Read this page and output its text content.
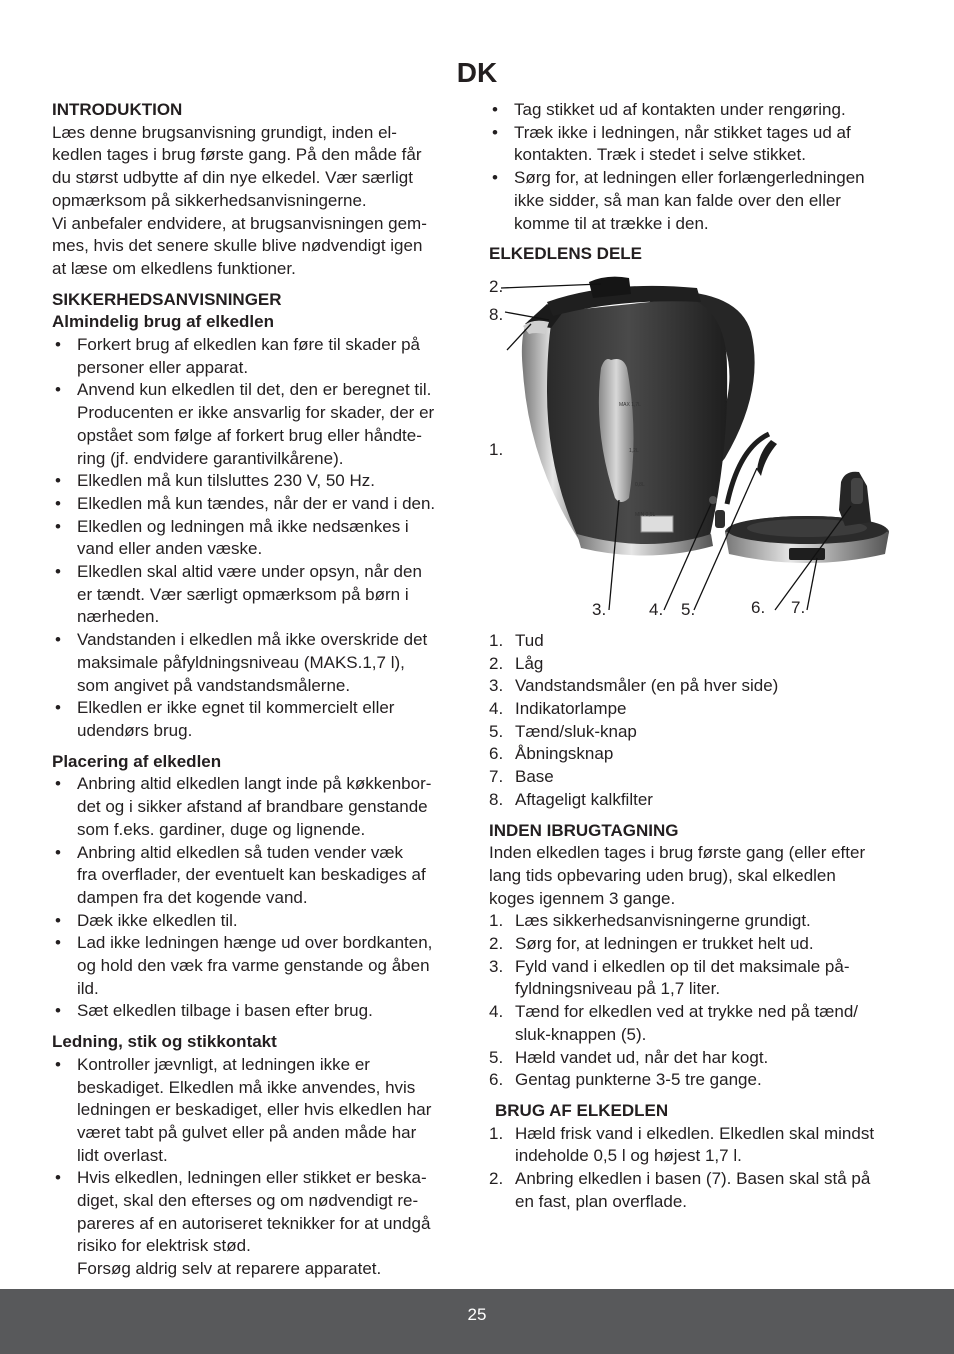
DK
INTRODUKTION

Læs denne brugsanvisning grundigt, inden el-
kedlen tages i brug første gang. På den måde får
du størst udbytte af din nye elkedel. Vær særligt
opmærksom på sikkerhedsanvisningerne.

Vi anbefaler endvidere, at brugsanvisningen gem-
mes, hvis det senere skulle blive nødvendigt igen
at læse om elkedlens funktioner.

SIKKERHEDSANVISNINGER
Almindelig brug af elkedlen
• Forkert brug af elkedlen kan føre til skader på
personer eller apparat.
• Anvend kun elkedlen til det, den er beregnet til.
Producenten er ikke ansvarlig for skader, der er
opstået som følge af forkert brug eller håndte-
ring (jf. endvidere garantivilkårene).
• Elkedlen må kun tilsluttes 230 V, 50 Hz.
• Elkedlen må kun tændes, når der er vand i den.
• Elkedlen og ledningen må ikke nedsænkes i
vand eller anden væske.
• Elkedlen skal altid være under opsyn, når den
er tændt. Vær særligt opmærksom på børn i
nærheden.
• Vandstanden i elkedlen må ikke overskride det
maksimale påfyldningsniveau (MAKS.1,7 l),
som angivet på vandstandsmålerne.
• Elkedlen er ikke egnet til kommercielt eller
udendørs brug.
Placering af elkedlen
• Anbring altid elkedlen langt inde på køkkenbor-
det og i sikker afstand af brandbare genstande
som f.eks. gardiner, duge og lignende.
• Anbring altid elkedlen så tuden vender væk
fra overflader, der eventuelt kan beskadiges af
dampen fra det kogende vand.
• Dæk ikke elkedlen til.
• Lad ikke ledningen hænge ud over bordkanten,
og hold den væk fra varme genstande og åben
ild.
• Sæt elkedlen tilbage i basen efter brug.
Ledning, stik og stikkontakt
• Kontroller jævnligt, at ledningen ikke er
beskadiget. Elkedlen må ikke anvendes, hvis
ledningen er beskadiget, eller hvis elkedlen har
været tabt på gulvet eller på anden måde har
lidt overlast.
• Hvis elkedlen, ledningen eller stikket er beska-
diget, skal den efterses og om nødvendigt re-
pareres af en autoriseret teknikker for at undgå
risiko for elektrisk stød.

Forsøg aldrig selv at reparere apparatet.

• Tag stikket ud af kontakten under rengøring.
• Træk ikke i ledningen, når stikket tages ud af
kontakten. Træk i stedet i selve stikket.
• Sørg for, at ledningen eller forlængerledningen
ikke sidder, så man kan falde over den eller
komme til at trække i den.
ELKEDLENS DELE
1.
2.
3.	4. 5.	6. 7.
8.
MAX 1,7L
1,2L
0,8L
MIN 0,5L
1. Tud
2. Låg
3. Vandstandsmåler (en på hver side)
4. Indikatorlampe
5. Tænd/sluk-knap
6. Åbningsknap
7. Base
8. Aftageligt kalkfilter
INDEN IBRUGTAGNING

Inden elkedlen tages i brug første gang (eller efter
lang tids opbevaring uden brug), skal elkedlen
koges igennem 3 gange.

1. Læs sikkerhedsanvisningerne grundigt.
2. Sørg for, at ledningen er trukket helt ud.
3. Fyld vand i elkedlen op til det maksimale på-
fyldningsniveau på 1,7 liter.
4. Tænd for elkedlen ved at trykke ned på tænd/
sluk-knappen (5).
5. Hæld vandet ud, når det har kogt.
6. Gentag punkterne 3-5 tre gange.
BRUG AF ELKEDLEN
1. Hæld frisk vand i elkedlen. Elkedlen skal mindst
indeholde 0,5 l og højest 1,7 l.
2. Anbring elkedlen i basen (7). Basen skal stå på
en fast, plan overflade.
25
